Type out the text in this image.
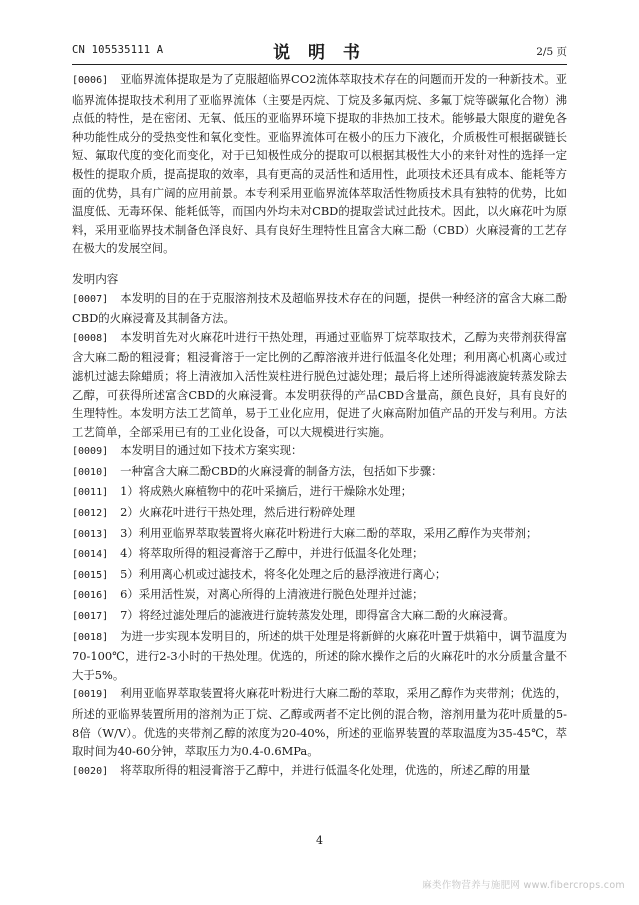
CN 105535111 A	说 明 书	2/5 页

[0006] 亚临界流体提取是为了克服超临界CO2流体萃取技术存在的问题而开发的一种新技术。亚临界流体提取技术利用了亚临界流体（主要是丙烷、丁烷及多氟丙烷、多氟丁烷等碳氟化合物）沸点低的特性，是在密闭、无氧、低压的亚临界环境下提取的非热加工技术。能够最大限度的避免各种功能性成分的受热变性和氧化变性。亚临界流体可在极小的压力下液化，介质极性可根据碳链长短、氟取代度的变化而变化，对于已知极性成分的提取可以根据其极性大小的来针对性的选择一定极性的提取介质，提高提取的效率，具有更高的灵活性和适用性，此项技术还具有成本、能耗等方面的优势，具有广阔的应用前景。本专利采用亚临界流体萃取活性物质技术具有独特的优势，比如温度低、无毒环保、能耗低等，而国内外均未对CBD的提取尝试过此技术。因此，以火麻花叶为原料，采用亚临界技术制备色泽良好、具有良好生理特性且富含大麻二酚（CBD）火麻浸膏的工艺存在极大的发展空间。

发明内容

[0007] 本发明的目的在于克服溶剂技术及超临界技术存在的问题，提供一种经济的富含大麻二酚CBD的火麻浸膏及其制备方法。

[0008] 本发明首先对火麻花叶进行干热处理，再通过亚临界丁烷萃取技术，乙醇为夹带剂获得富含大麻二酚的粗浸膏；粗浸膏溶于一定比例的乙醇溶液并进行低温冬化处理；利用离心机离心或过滤机过滤去除蜡质；将上清液加入活性炭柱进行脱色过滤处理；最后将上述所得滤液旋转蒸发除去乙醇，可获得所述富含CBD的火麻浸膏。本发明获得的产品CBD含量高，颜色良好，具有良好的生理特性。本发明方法工艺简单，易于工业化应用，促进了火麻高附加值产品的开发与利用。方法工艺简单，全部采用已有的工业化设备，可以大规模进行实施。

[0009] 本发明目的通过如下技术方案实现：

[0010] 一种富含大麻二酚CBD的火麻浸膏的制备方法，包括如下步骤：

[0011] 1）将成熟火麻植物中的花叶采摘后，进行干燥除水处理；

[0012] 2）火麻花叶进行干热处理，然后进行粉碎处理

[0013] 3）利用亚临界萃取装置将火麻花叶粉进行大麻二酚的萃取，采用乙醇作为夹带剂；

[0014] 4）将萃取所得的粗浸膏溶于乙醇中，并进行低温冬化处理；

[0015] 5）利用离心机或过滤技术，将冬化处理之后的悬浮液进行离心；

[0016] 6）采用活性炭，对离心所得的上清液进行脱色处理并过滤；

[0017] 7）将经过滤处理后的滤液进行旋转蒸发处理，即得富含大麻二酚的火麻浸膏。

[0018] 为进一步实现本发明目的，所述的烘干处理是将新鲜的火麻花叶置于烘箱中，调节温度为70-100℃，进行2-3小时的干热处理。优选的，所述的除水操作之后的火麻花叶的水分质量含量不大于5%。

[0019] 利用亚临界萃取装置将火麻花叶粉进行大麻二酚的萃取，采用乙醇作为夹带剂；优选的，所述的亚临界装置所用的溶剂为正丁烷、乙醇或两者不定比例的混合物，溶剂用量为花叶质量的5-8倍（W/V）。优选的夹带剂乙醇的浓度为20-40%，所述的亚临界装置的萃取温度为35-45℃，萃取时间为40-60分钟，萃取压力为0.4-0.6MPa。

[0020] 将萃取所得的粗浸膏溶于乙醇中，并进行低温冬化处理，优选的，所述乙醇的用量

4
麻类作物营养与施肥网 www.fibercrops.com
